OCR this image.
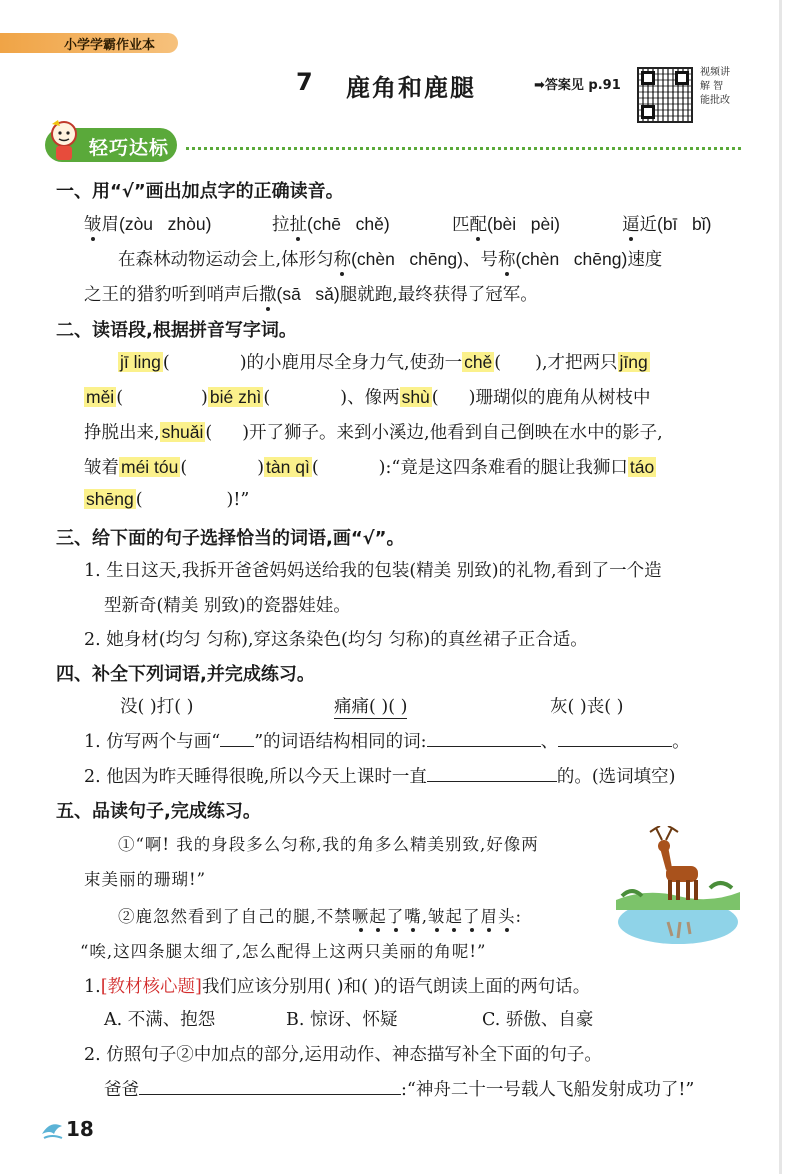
小学学霸作业本
7 鹿角和鹿腿	➡答案见 p.91
视频讲解 智能批改
轻巧达标
一、用“√”画出加点字的正确读音。
皱眉(zòu   zhòu)	拉扯(chē   chě)	匹配(bèi   pèi)	逼近(bī   bǐ)
在森林动物运动会上,体形匀称(chèn   chēng)、号称(chèn   chēng)速度
之王的猎豹听到哨声后撒(sā   sǎ)腿就跑,最终获得了冠军。
二、读语段,根据拼音写字词。
jī ling (	)的小鹿用尽全身力气,使劲一 chě ( ),才把两只 jīng
měi (	) bié zhì (	)、像两 shù ( )珊瑚似的鹿角从树枝中
挣脱出来, shuǎi ( )开了狮子。来到小溪边,他看到自己倒映在水中的影子,
皱着 méi tóu (	) tàn qì (	):“竟是这四条难看的腿让我狮口 táo
shēng (	)!”
三、给下面的句子选择恰当的词语,画“√”。
1. 生日这天,我拆开爸爸妈妈送给我的包装(精美 别致)的礼物,看到了一个造
型新奇(精美 别致)的瓷器娃娃。
2. 她身材(均匀 匀称),穿这条染色(均匀 匀称)的真丝裙子正合适。
四、补全下列词语,并完成练习。
没( )打( )	痛痛( )( )	灰( )丧( )
1. 仿写两个与画“ ”的词语结构相同的词:	、	。
2. 他因为昨天睡得很晚,所以今天上课时一直	的。(选词填空)
五、品读句子,完成练习。
①“啊! 我的身段多么匀称,我的角多么精美别致,好像两
束美丽的珊瑚!”
②鹿忽然看到了自己的腿,不禁噘起了嘴,皱起了眉头:
“唉,这四条腿太细了,怎么配得上这两只美丽的角呢!”
1.[教材核心题]我们应该分别用( )和( )的语气朗读上面的两句话。
A. 不满、抱怨	B. 惊讶、怀疑	C. 骄傲、自豪
2. 仿照句子②中加点的部分,运用动作、神态描写补全下面的句子。
爸爸	:“神舟二十一号载人飞船发射成功了!”
18
